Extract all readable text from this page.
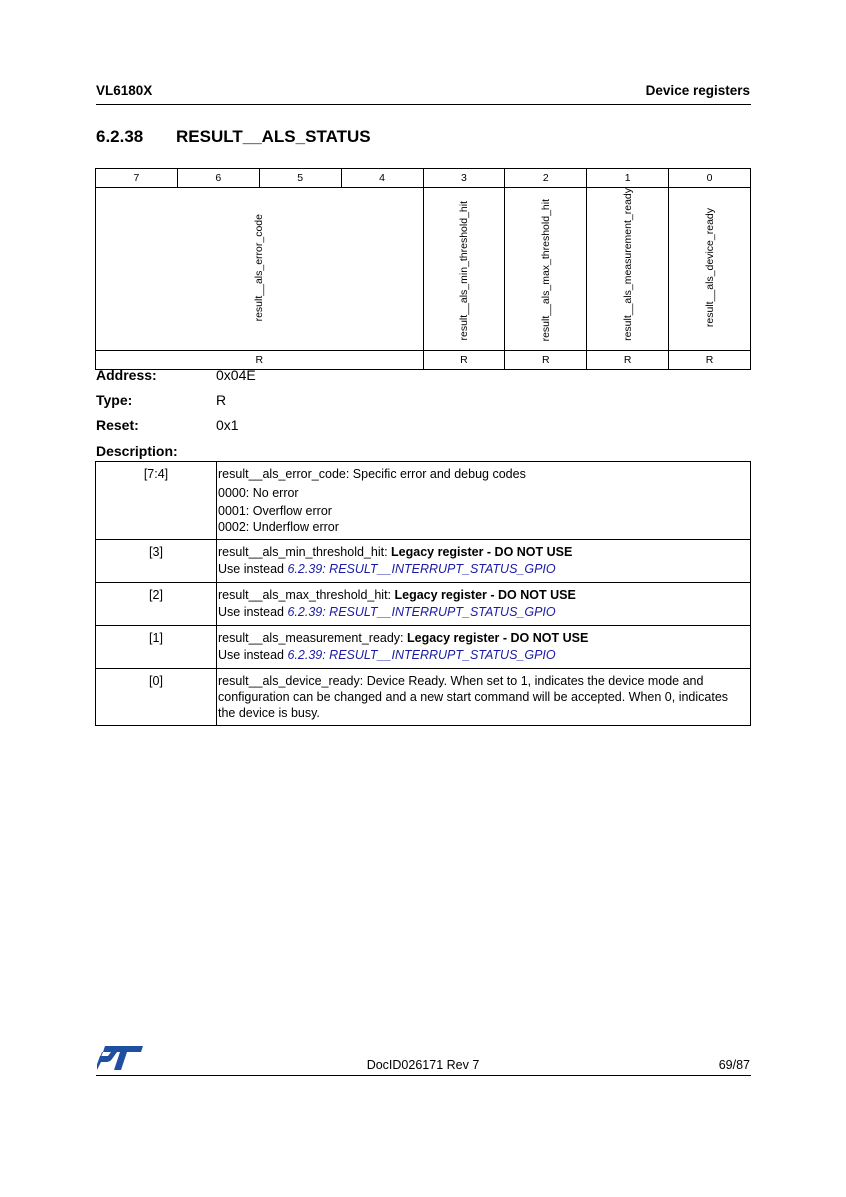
VL6180X	Device registers
6.2.38 RESULT__ALS_STATUS
7	6	5	4	3	2	1	0
result__als_error_code				result__als_min_threshold_hit	result__als_max_threshold_hit	result__als_measurement_ready	result__als_device_ready
R				R	R	R	R
Address:	0x04E
Type:	R
Reset:	0x1
Description:
[7:4]	result__als_error_code: Specific error and debug codes
0000: No error
0001: Overflow error
0002: Underflow error

[3]	result__als_min_threshold_hit: Legacy register - DO NOT USE
Use instead 6.2.39: RESULT__INTERRUPT_STATUS_GPIO

[2]	result__als_max_threshold_hit: Legacy register - DO NOT USE
Use instead 6.2.39: RESULT__INTERRUPT_STATUS_GPIO

[1]	result__als_measurement_ready: Legacy register - DO NOT USE
Use instead 6.2.39: RESULT__INTERRUPT_STATUS_GPIO

[0]	result__als_device_ready: Device Ready. When set to 1, indicates the device mode and configuration can be changed and a new start command will be accepted. When 0, indicates the device is busy.
DocID026171 Rev 7	69/87
